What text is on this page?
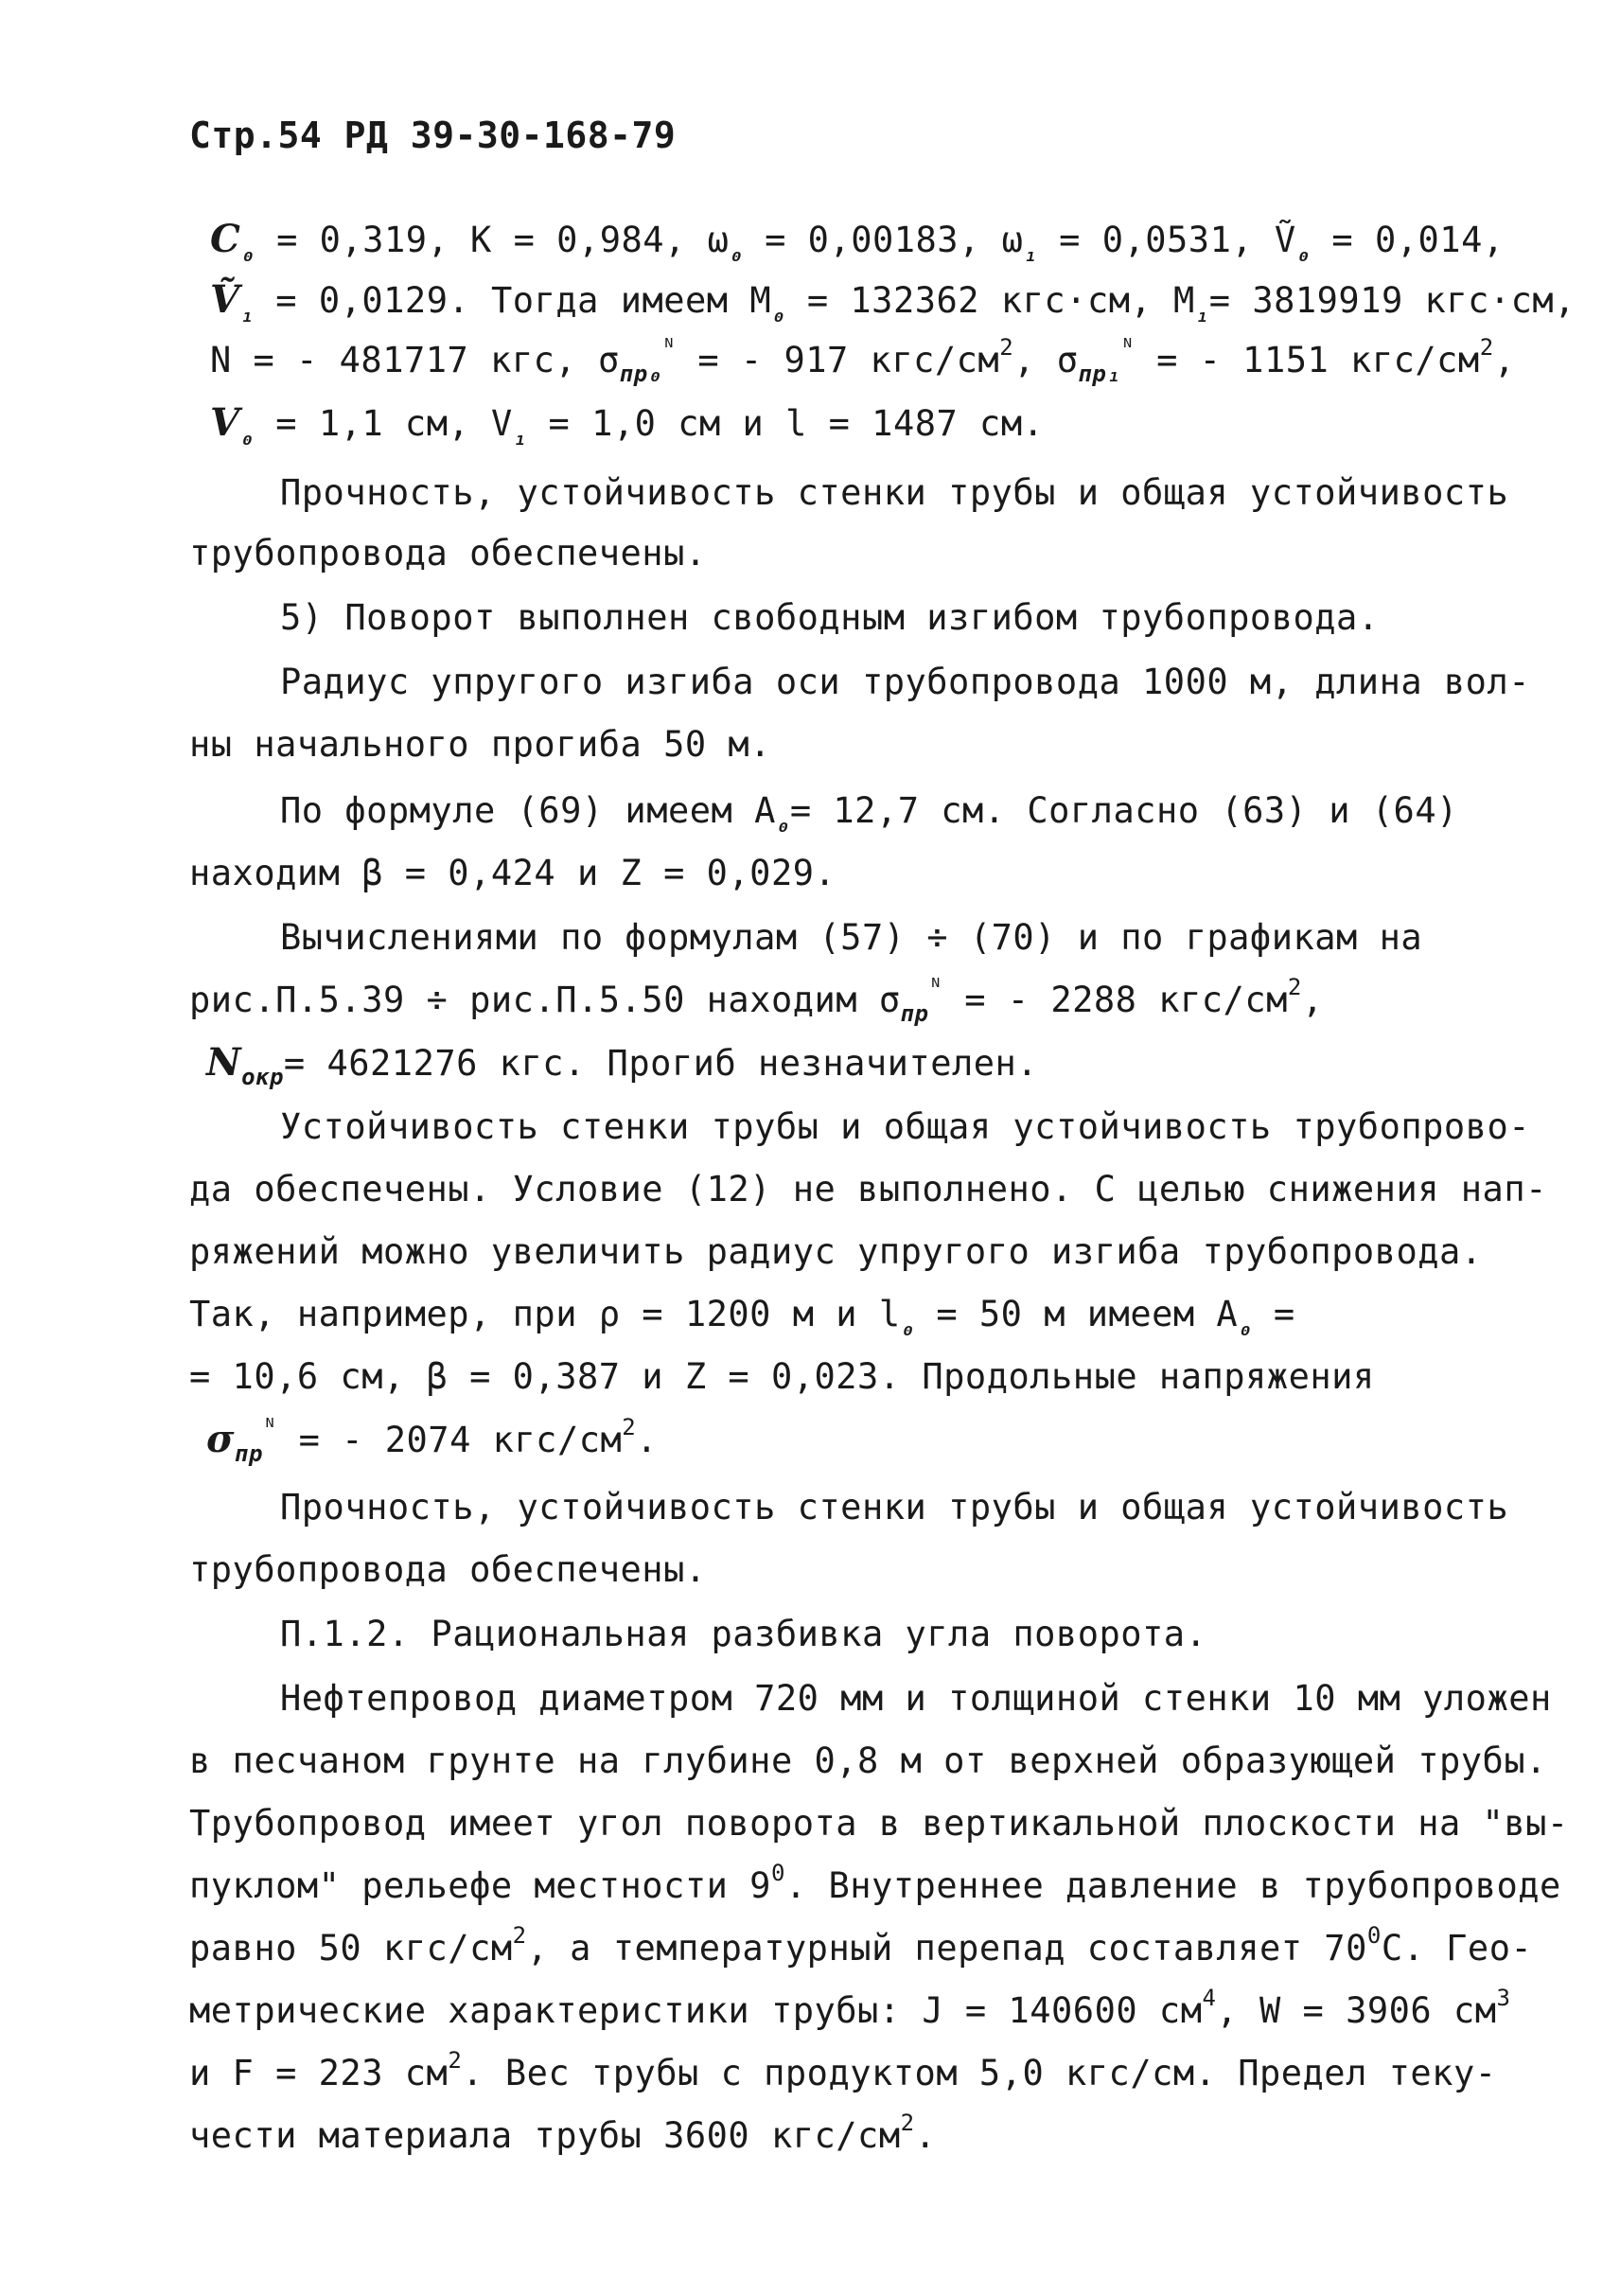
Стр.54 РД 39-30-168-79
$C_{_0} = 0,319$, K = 0,984, $\omega_{_0} = 0,00183$, $\omega_{_1} = 0,0531$, Ṽ$_{_0}$ = 0,014,
Ṽ$_{_1}$ = 0,0129. Тогда имеем $M_{_0} = 132362$ кгс·см, $M_{_1}= 3819919$ кгс·см,
N = - 481717 кгс, $\sigma_{пр_0}^ᴺ$ = - 917 кгс/$см^2$, $\sigma_{пр_1}^ᴺ$ = - 1151 кгс/$см^2$,
$V_{_0} = 1,1$ см, $V_{_1} = 1,0$ см и l = 1487 см.
Прочность, устойчивость стенки трубы и общая устойчивость
трубопровода обеспечены.
5) Поворот выполнен свободным изгибом трубопровода.
Радиус упругого изгиба оси трубопровода 1000 м, длина вол-
ны начального прогиба 50 м.
По формуле (69) имеем $A_{_0}= 12,7$ см. Согласно (63) и (64)
находим β = 0,424 и Z = 0,029.
Вычислениями по формулам (57) ÷ (70) и по графикам на
рис.П.5.39 ÷ рис.П.5.50 находим $\sigma_{пр}^ᴺ$ = - 2288 кгс/$см^2$,
$N_{окр}= 4621276$ кгс. Прогиб незначителен.
Устойчивость стенки трубы и общая устойчивость трубопрово-
да обеспечены. Условие (12) не выполнено. С целью снижения нап-
ряжений можно увеличить радиус упругого изгиба трубопровода.
Так, например, при ρ = 1200 м и $l_{_0} = 50$ м имеем $A_{_0}$ =
= 10,6 см, β = 0,387 и Z = 0,023. Продольные напряжения
$\sigma_{пр}^ᴺ$ = - 2074 кгс/$см^2$.
Прочность, устойчивость стенки трубы и общая устойчивость
трубопровода обеспечены.
П.1.2. Рациональная разбивка угла поворота.
Нефтепровод диаметром 720 мм и толщиной стенки 10 мм уложен
в песчаном грунте на глубине 0,8 м от верхней образующей трубы.
Трубопровод имеет угол поворота в вертикальной плоскости на "вы-
пуклом" рельефе местности $9^0$. Внутреннее давление в трубопроводе
равно 50 кгс/$см^2$, а температурный перепад составляет $70^0С$. Гео-
метрические характеристики трубы: J = 140600 $см^4$, W = 3906 $см^3$
и F = 223 $см^2$. Вес трубы с продуктом 5,0 кгс/см. Предел теку-
чести материала трубы 3600 кгс/$см^2$.
